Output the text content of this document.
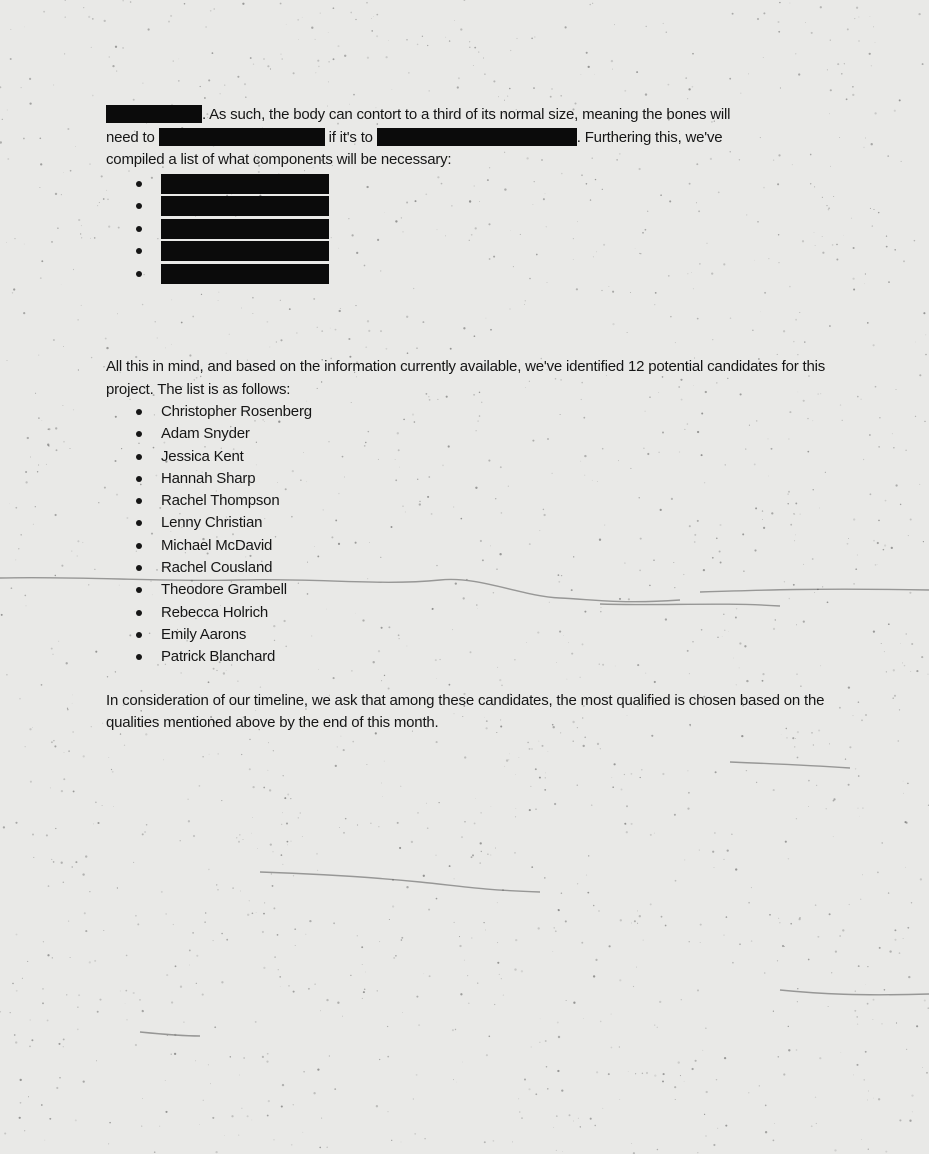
. As such, the body can contort to a third of its normal size, meaning the bones will
need to	if it's to	. Furthering this, we've
compiled a list of what components will be necessary:

All this in mind, and based on the information currently available, we've identified 12 potential candidates for this project. The list is as follows:

Christopher Rosenberg
Adam Snyder
Jessica Kent
Hannah Sharp
Rachel Thompson
Lenny Christian
Michael McDavid
Rachel Cousland
Theodore Grambell
Rebecca Holrich
Emily Aarons
Patrick Blanchard

In consideration of our timeline, we ask that among these candidates, the most qualified is chosen based on the qualities mentioned above by the end of this month.
